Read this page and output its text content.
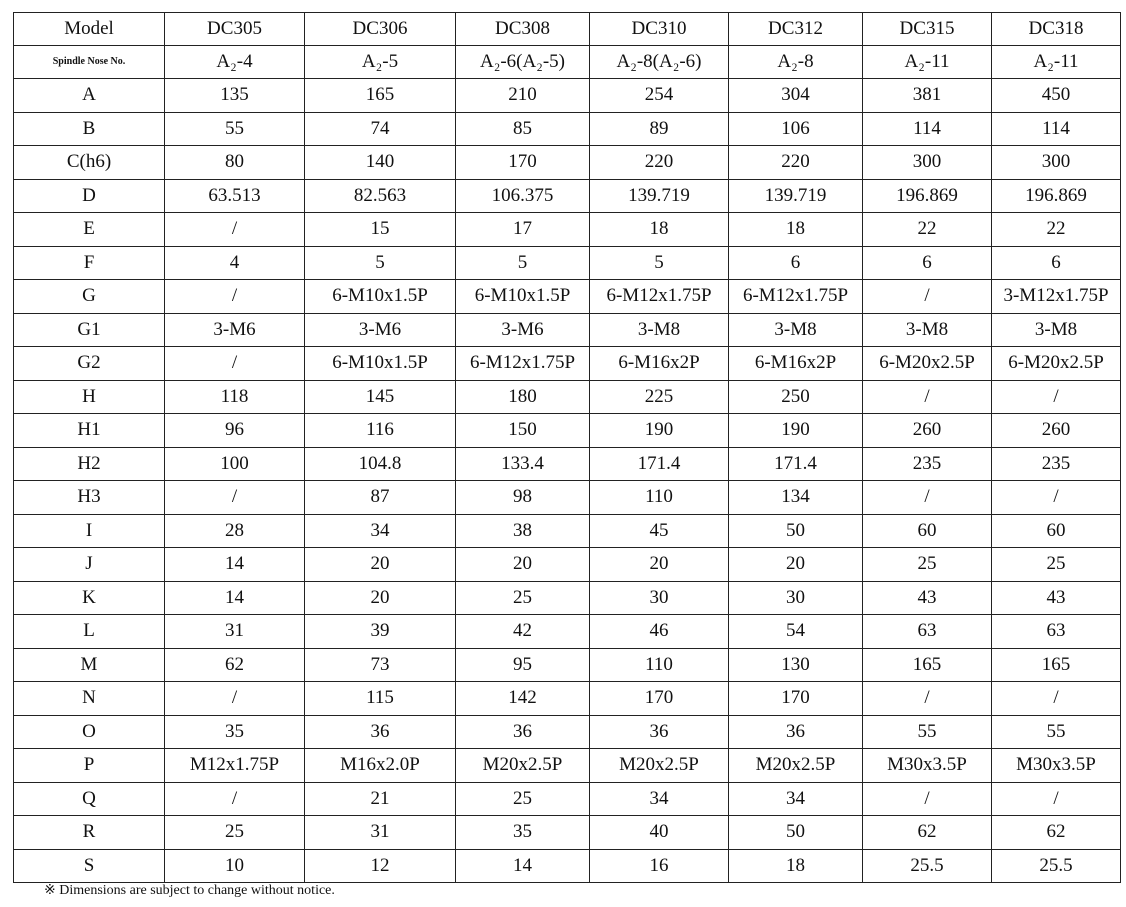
Model	DC305	DC306	DC308	DC310	DC312	DC315	DC318
Spindle Nose No.	A₂-4	A₂-5	A₂-6(A₂-5)	A₂-8(A₂-6)	A₂-8	A₂-11	A₂-11
A	135	165	210	254	304	381	450
B	55	74	85	89	106	114	114
C(h6)	80	140	170	220	220	300	300
D	63.513	82.563	106.375	139.719	139.719	196.869	196.869
E	/	15	17	18	18	22	22
F	4	5	5	5	6	6	6
G	/	6-M10x1.5P	6-M10x1.5P	6-M12x1.75P	6-M12x1.75P	/	3-M12x1.75P
G1	3-M6	3-M6	3-M6	3-M8	3-M8	3-M8	3-M8
G2	/	6-M10x1.5P	6-M12x1.75P	6-M16x2P	6-M16x2P	6-M20x2.5P	6-M20x2.5P
H	118	145	180	225	250	/	/
H1	96	116	150	190	190	260	260
H2	100	104.8	133.4	171.4	171.4	235	235
H3	/	87	98	110	134	/	/
I	28	34	38	45	50	60	60
J	14	20	20	20	20	25	25
K	14	20	25	30	30	43	43
L	31	39	42	46	54	63	63
M	62	73	95	110	130	165	165
N	/	115	142	170	170	/	/
O	35	36	36	36	36	55	55
P	M12x1.75P	M16x2.0P	M20x2.5P	M20x2.5P	M20x2.5P	M30x3.5P	M30x3.5P
Q	/	21	25	34	34	/	/
R	25	31	35	40	50	62	62
S	10	12	14	16	18	25.5	25.5
※ Dimensions are subject to change without notice.
